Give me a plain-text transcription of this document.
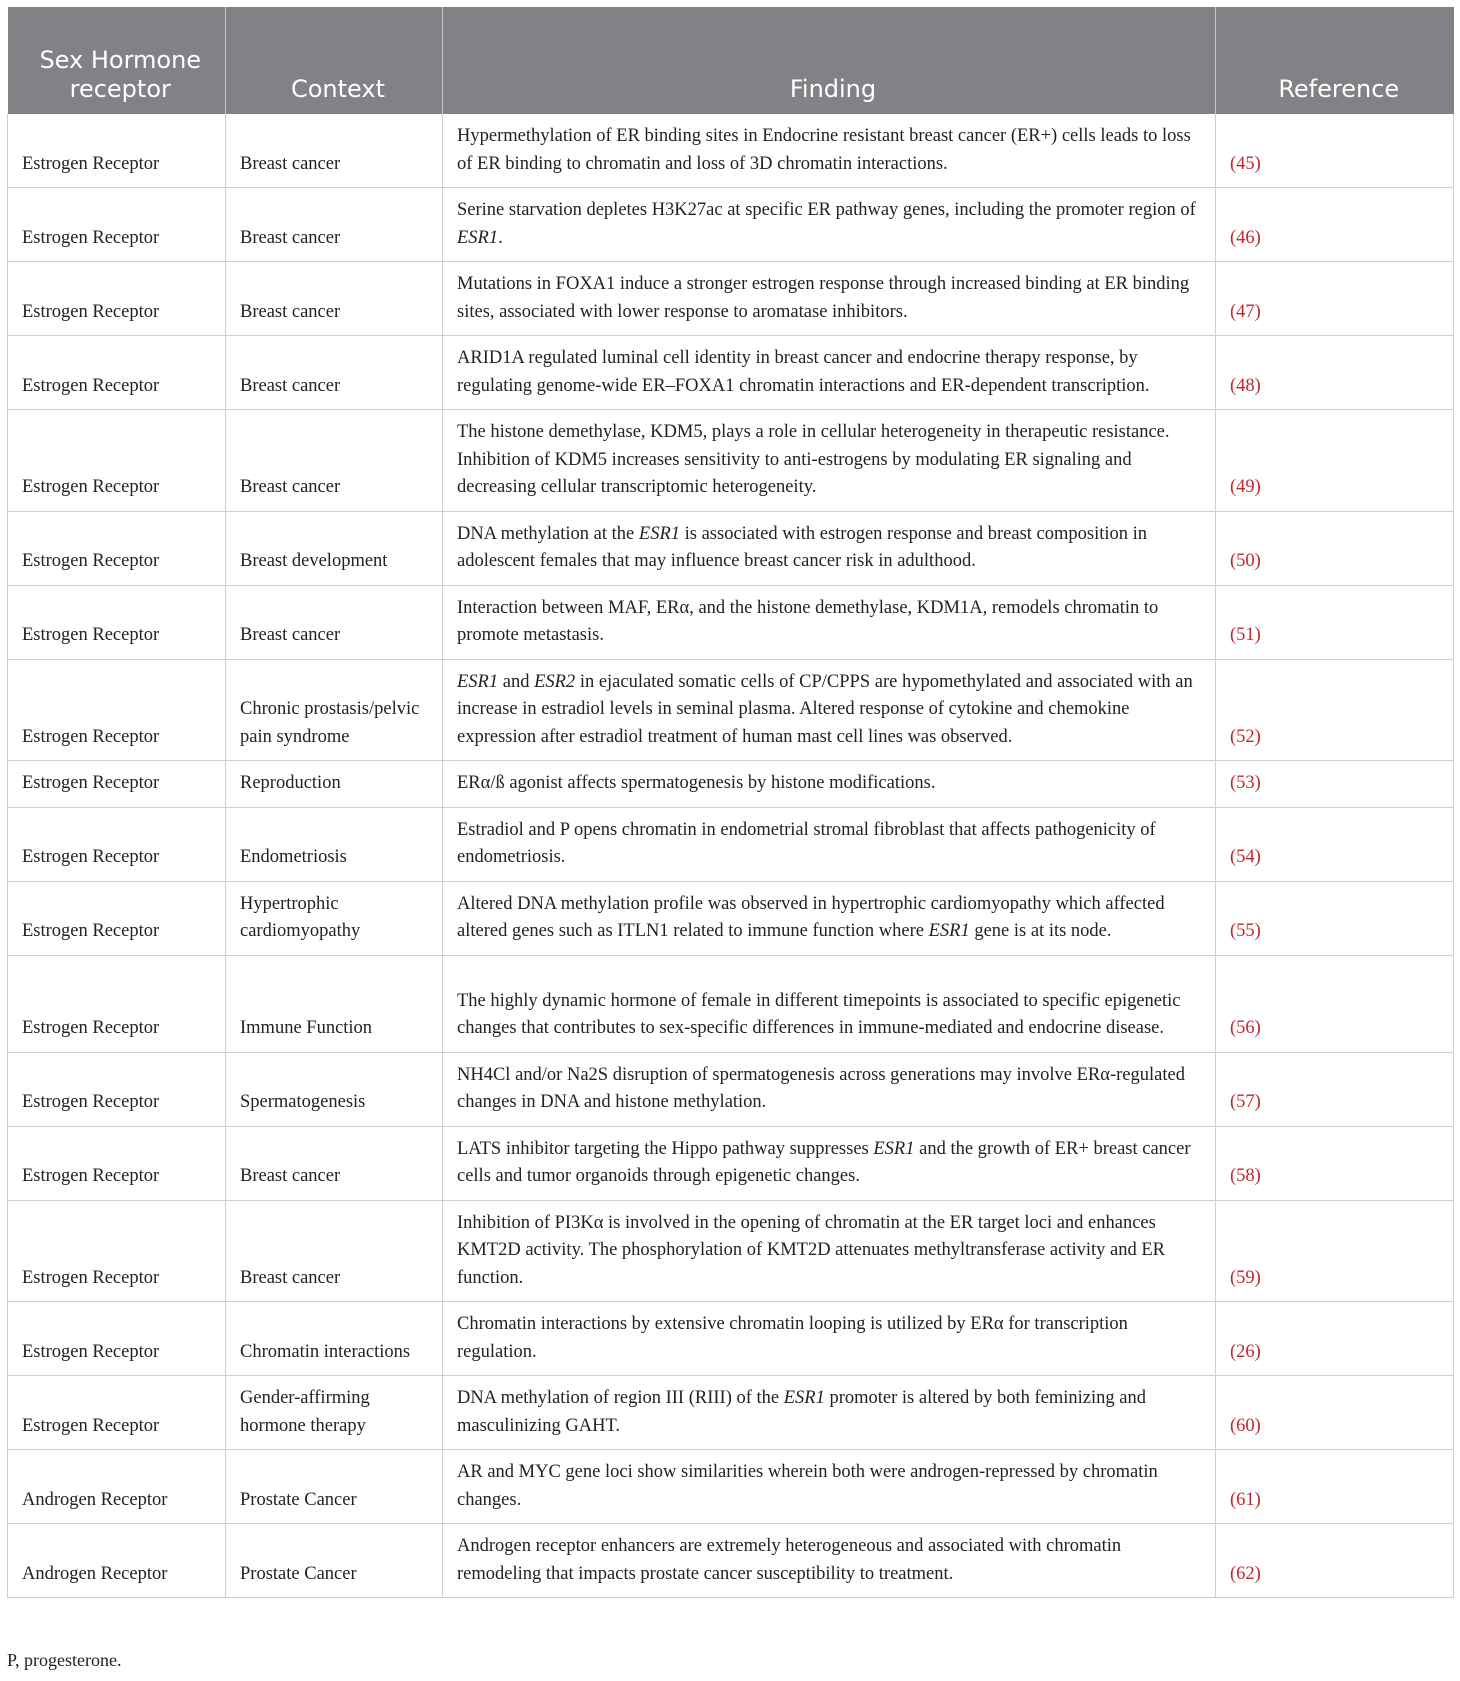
Sex Hormone receptor	Context	Finding	Reference
Estrogen Receptor	Breast cancer	Hypermethylation of ER binding sites in Endocrine resistant breast cancer (ER+) cells leads to loss of ER binding to chromatin and loss of 3D chromatin interactions.	(45)
Estrogen Receptor	Breast cancer	Serine starvation depletes H3K27ac at specific ER pathway genes, including the promoter region of ESR1.	(46)
Estrogen Receptor	Breast cancer	Mutations in FOXA1 induce a stronger estrogen response through increased binding at ER binding sites, associated with lower response to aromatase inhibitors.	(47)
Estrogen Receptor	Breast cancer	ARID1A regulated luminal cell identity in breast cancer and endocrine therapy response, by regulating genome-wide ER–FOXA1 chromatin interactions and ER-dependent transcription.	(48)
Estrogen Receptor	Breast cancer	The histone demethylase, KDM5, plays a role in cellular heterogeneity in therapeutic resistance. Inhibition of KDM5 increases sensitivity to anti-estrogens by modulating ER signaling and decreasing cellular transcriptomic heterogeneity.	(49)
Estrogen Receptor	Breast development	DNA methylation at the ESR1 is associated with estrogen response and breast composition in adolescent females that may influence breast cancer risk in adulthood.	(50)
Estrogen Receptor	Breast cancer	Interaction between MAF, ERα, and the histone demethylase, KDM1A, remodels chromatin to promote metastasis.	(51)
Estrogen Receptor	Chronic prostasis/pelvic pain syndrome	ESR1 and ESR2 in ejaculated somatic cells of CP/CPPS are hypomethylated and associated with an increase in estradiol levels in seminal plasma. Altered response of cytokine and chemokine expression after estradiol treatment of human mast cell lines was observed.	(52)
Estrogen Receptor	Reproduction	ERα/ß agonist affects spermatogenesis by histone modifications.	(53)
Estrogen Receptor	Endometriosis	Estradiol and P opens chromatin in endometrial stromal fibroblast that affects pathogenicity of endometriosis.	(54)
Estrogen Receptor	Hypertrophic cardiomyopathy	Altered DNA methylation profile was observed in hypertrophic cardiomyopathy which affected altered genes such as ITLN1 related to immune function where ESR1 gene is at its node.	(55)
Estrogen Receptor	Immune Function	The highly dynamic hormone of female in different timepoints is associated to specific epigenetic changes that contributes to sex-specific differences in immune-mediated and endocrine disease.	(56)
Estrogen Receptor	Spermatogenesis	NH4Cl and/or Na2S disruption of spermatogenesis across generations may involve ERα-regulated changes in DNA and histone methylation.	(57)
Estrogen Receptor	Breast cancer	LATS inhibitor targeting the Hippo pathway suppresses ESR1 and the growth of ER+ breast cancer cells and tumor organoids through epigenetic changes.	(58)
Estrogen Receptor	Breast cancer	Inhibition of PI3Kα is involved in the opening of chromatin at the ER target loci and enhances KMT2D activity. The phosphorylation of KMT2D attenuates methyltransferase activity and ER function.	(59)
Estrogen Receptor	Chromatin interactions	Chromatin interactions by extensive chromatin looping is utilized by ERα for transcription regulation.	(26)
Estrogen Receptor	Gender-affirming hormone therapy	DNA methylation of region III (RIII) of the ESR1 promoter is altered by both feminizing and masculinizing GAHT.	(60)
Androgen Receptor	Prostate Cancer	AR and MYC gene loci show similarities wherein both were androgen-repressed by chromatin changes.	(61)
Androgen Receptor	Prostate Cancer	Androgen receptor enhancers are extremely heterogeneous and associated with chromatin remodeling that impacts prostate cancer susceptibility to treatment.	(62)
P, progesterone.
